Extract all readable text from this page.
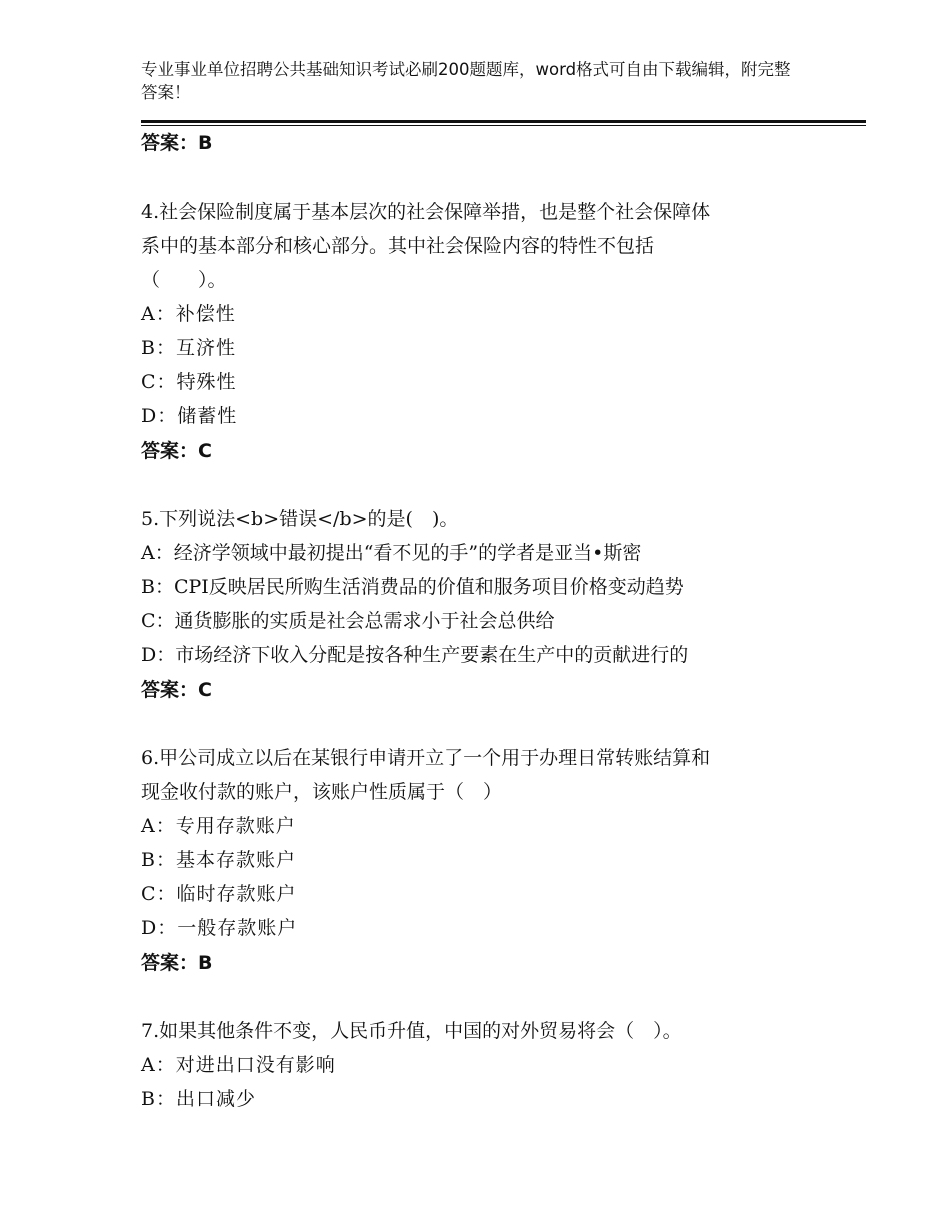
专业事业单位招聘公共基础知识考试必刷200题题库，word格式可自由下载编辑，附完整答案！
答案：B
4.社会保险制度属于基本层次的社会保障举措，也是整个社会保障体
系中的基本部分和核心部分。其中社会保险内容的特性不包括
（　　）。
A：补偿性
B：互济性
C：特殊性
D：储蓄性
答案：C
5.下列说法<b>错误</b>的是(　)。
A：经济学领域中最初提出“看不见的手”的学者是亚当•斯密
B：CPI反映居民所购生活消费品的价值和服务项目价格变动趋势
C：通货膨胀的实质是社会总需求小于社会总供给
D：市场经济下收入分配是按各种生产要素在生产中的贡献进行的
答案：C
6.甲公司成立以后在某银行申请开立了一个用于办理日常转账结算和
现金收付款的账户，该账户性质属于（　）
A：专用存款账户
B：基本存款账户
C：临时存款账户
D：一般存款账户
答案：B
7.如果其他条件不变，人民币升值，中国的对外贸易将会（　）。
A：对进出口没有影响
B：出口减少
